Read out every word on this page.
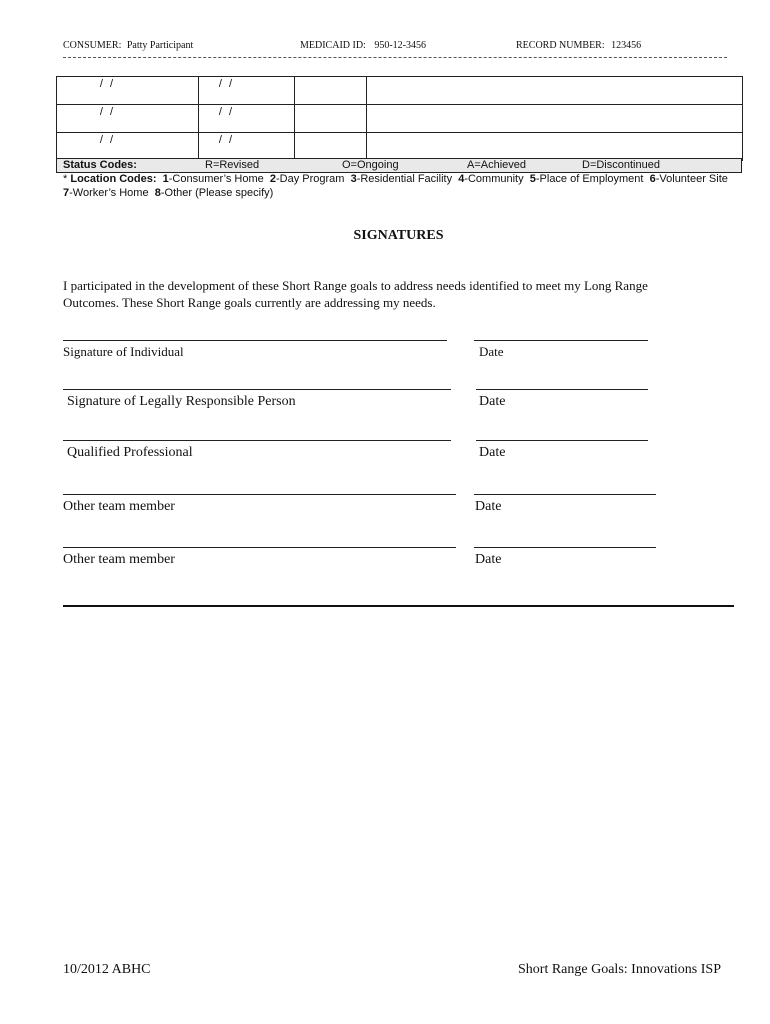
CONSUMER: Patty Participant	MEDICAID ID: 950-12-3456	RECORD NUMBER: 123456
/ /	/ /		
/ /	/ /		
/ /	/ /		
Status Codes:	R=Revised	O=Ongoing	A=Achieved	D=Discontinued
* Location Codes: 1-Consumer’s Home 2-Day Program 3-Residential Facility 4-Community 5-Place of Employment 6-Volunteer Site  7-Worker’s Home 8-Other (Please specify)
SIGNATURES
I participated in the development of these Short Range goals to address needs identified to meet my Long Range Outcomes. These Short Range goals currently are addressing my needs.
Signature of Individual	Date
Signature of Legally Responsible Person	Date
Qualified Professional	Date
Other team member	Date
Other team member	Date
10/2012 ABHC	Short Range Goals: Innovations ISP
